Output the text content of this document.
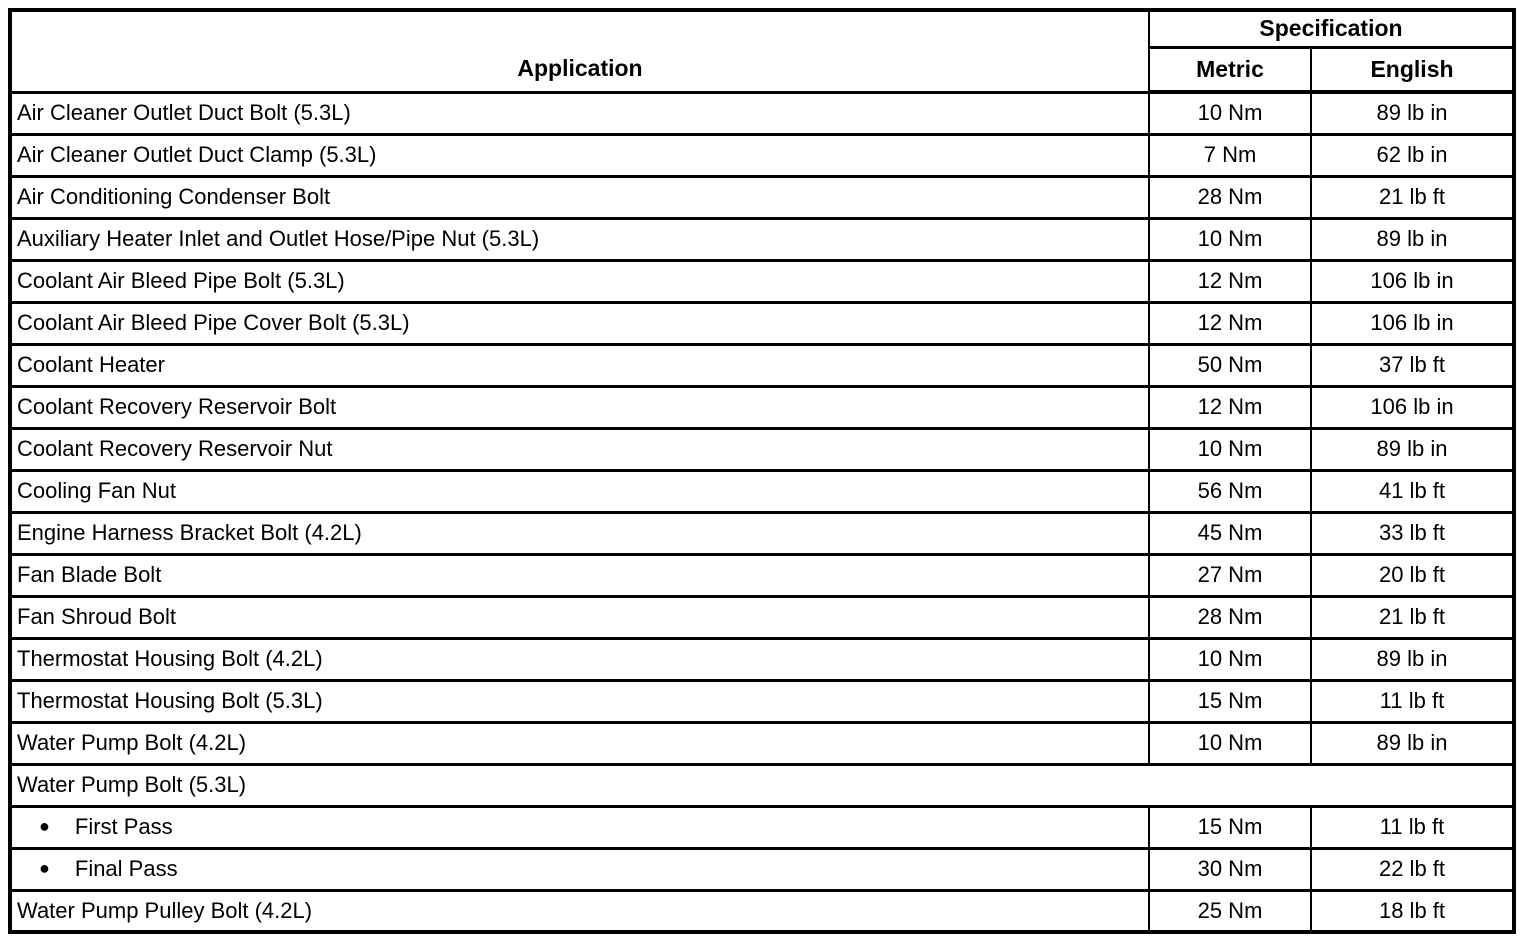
Application	Specification	
	Metric	English
Air Cleaner Outlet Duct Bolt (5.3L)	10 Nm	89 lb in
Air Cleaner Outlet Duct Clamp (5.3L)	7 Nm	62 lb in
Air Conditioning Condenser Bolt	28 Nm	21 lb ft
Auxiliary Heater Inlet and Outlet Hose/Pipe Nut (5.3L)	10 Nm	89 lb in
Coolant Air Bleed Pipe Bolt (5.3L)	12 Nm	106 lb in
Coolant Air Bleed Pipe Cover Bolt (5.3L)	12 Nm	106 lb in
Coolant Heater	50 Nm	37 lb ft
Coolant Recovery Reservoir Bolt	12 Nm	106 lb in
Coolant Recovery Reservoir Nut	10 Nm	89 lb in
Cooling Fan Nut	56 Nm	41 lb ft
Engine Harness Bracket Bolt (4.2L)	45 Nm	33 lb ft
Fan Blade Bolt	27 Nm	20 lb ft
Fan Shroud Bolt	28 Nm	21 lb ft
Thermostat Housing Bolt (4.2L)	10 Nm	89 lb in
Thermostat Housing Bolt (5.3L)	15 Nm	11 lb ft
Water Pump Bolt (4.2L)	10 Nm	89 lb in
Water Pump Bolt (5.3L)		
● First Pass	15 Nm	11 lb ft
● Final Pass	30 Nm	22 lb ft
Water Pump Pulley Bolt (4.2L)	25 Nm	18 lb ft
